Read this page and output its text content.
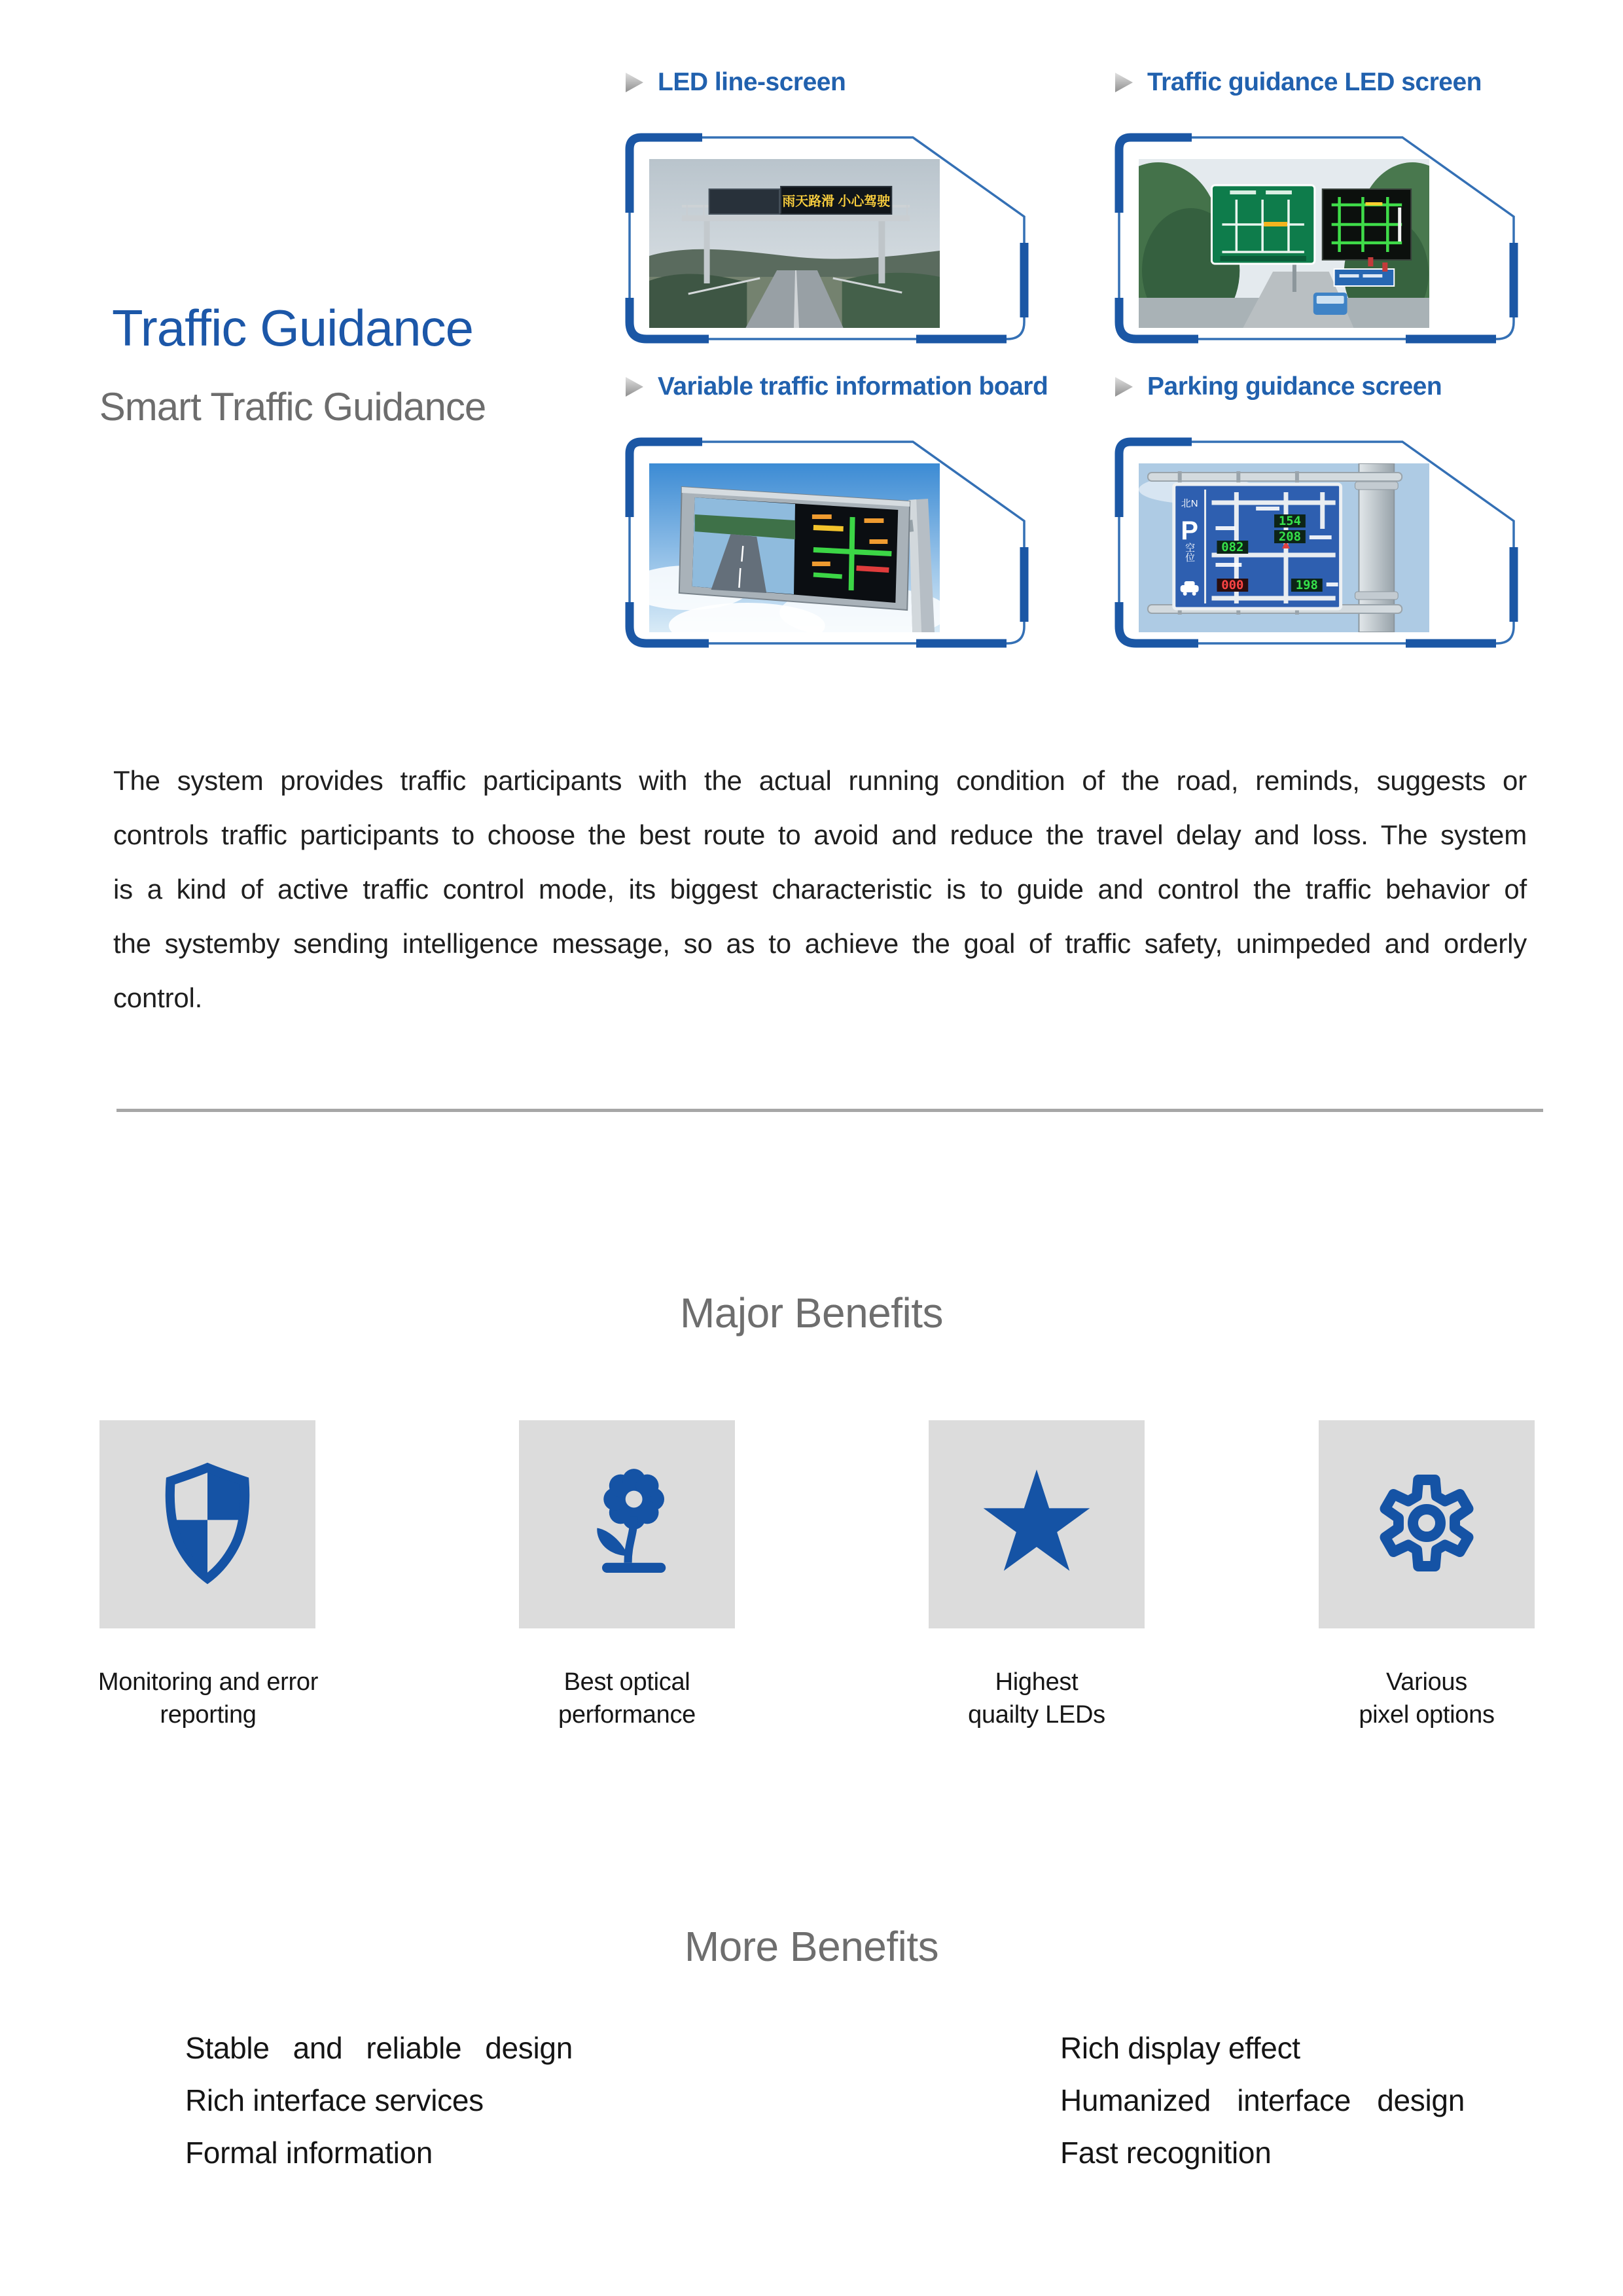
Traffic Guidance
Smart Traffic Guidance
LED line-screen
雨天路滑 小心驾驶
Traffic guidance LED screen
Variable traffic information board	Parking guidance screen
北N
P
空位
154
208
082
000	198
The system provides traffic participants with the actual running condition of the road, reminds, suggests or
controls traffic participants to choose the best route to avoid and reduce the travel delay and loss. The system
is a kind of active traffic control mode, its biggest characteristic is to guide and control the traffic behavior of
the systemby sending intelligence message, so as to achieve the goal of traffic safety, unimpeded and orderly
control.
Major Benefits
Monitoring and error
reporting
Best optical
performance
Highest
quailty LEDs
Various
pixel options
More Benefits
Stable and reliable design
Rich interface services
Formal information
Rich display effect
Humanized interface design
Fast recognition
